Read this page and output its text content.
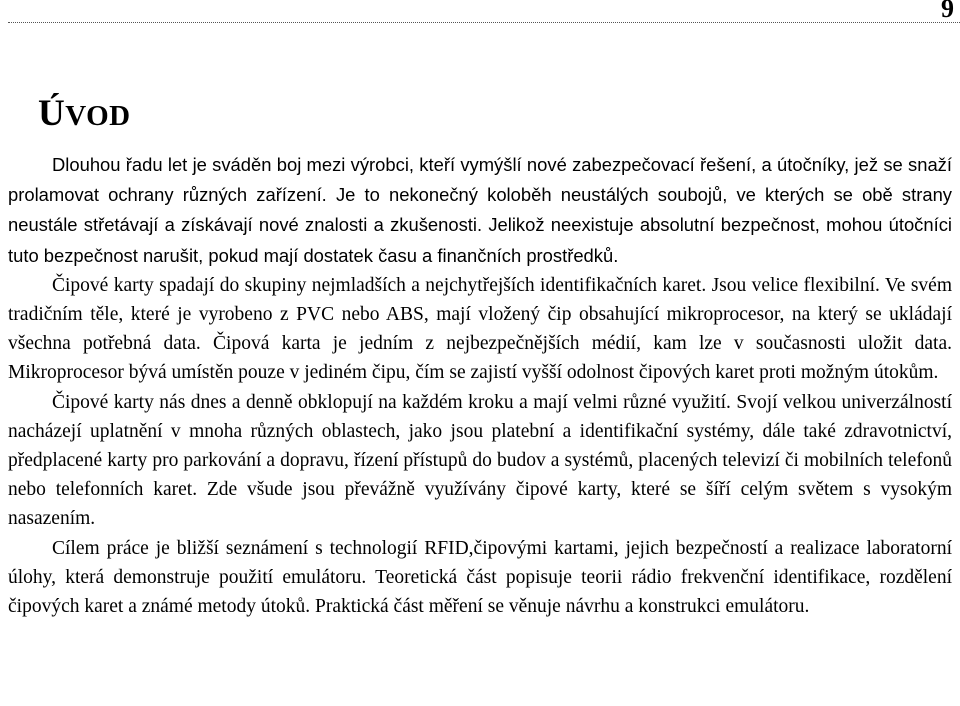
9
ÚVOD

Dlouhou řadu let je sváděn boj mezi výrobci, kteří vymýšlí nové zabezpečovací řešení, a útočníky, jež se snaží prolamovat ochrany různých zařízení. Je to nekonečný koloběh neustálých soubojů, ve kterých se obě strany neustále střetávají a získávají nové znalosti a zkušenosti. Jelikož neexistuje absolutní bezpečnost, mohou útočníci tuto bezpečnost narušit, pokud mají dostatek času a finančních prostředků.

Čipové karty spadají do skupiny nejmladších a nejchytřejších identifikačních karet. Jsou velice flexibilní. Ve svém tradičním těle, které je vyrobeno z PVC nebo ABS, mají vložený čip obsahující mikroprocesor, na který se ukládají všechna potřebná data. Čipová karta je jedním z nejbezpečnějších médií, kam lze v současnosti uložit data. Mikroprocesor bývá umístěn pouze v jediném čipu, čím se zajistí vyšší odolnost čipových karet proti možným útokům.

Čipové karty nás dnes a denně obklopují na každém kroku a mají velmi různé využití. Svojí velkou univerzálností nacházejí uplatnění v mnoha různých oblastech, jako jsou platební a identifikační systémy, dále také zdravotnictví, předplacené karty pro parkování a dopravu, řízení přístupů do budov a systémů, placených televizí či mobilních telefonů nebo telefonních karet. Zde všude jsou převážně využívány čipové karty, které se šíří celým světem s vysokým nasazením.

Cílem práce je bližší seznámení s technologií RFID,čipovými kartami, jejich bezpečností a realizace laboratorní úlohy, která demonstruje použití emulátoru. Teoretická část popisuje teorii rádio frekvenční identifikace, rozdělení čipových karet a známé metody útoků. Praktická část měření se věnuje návrhu a konstrukci emulátoru.
